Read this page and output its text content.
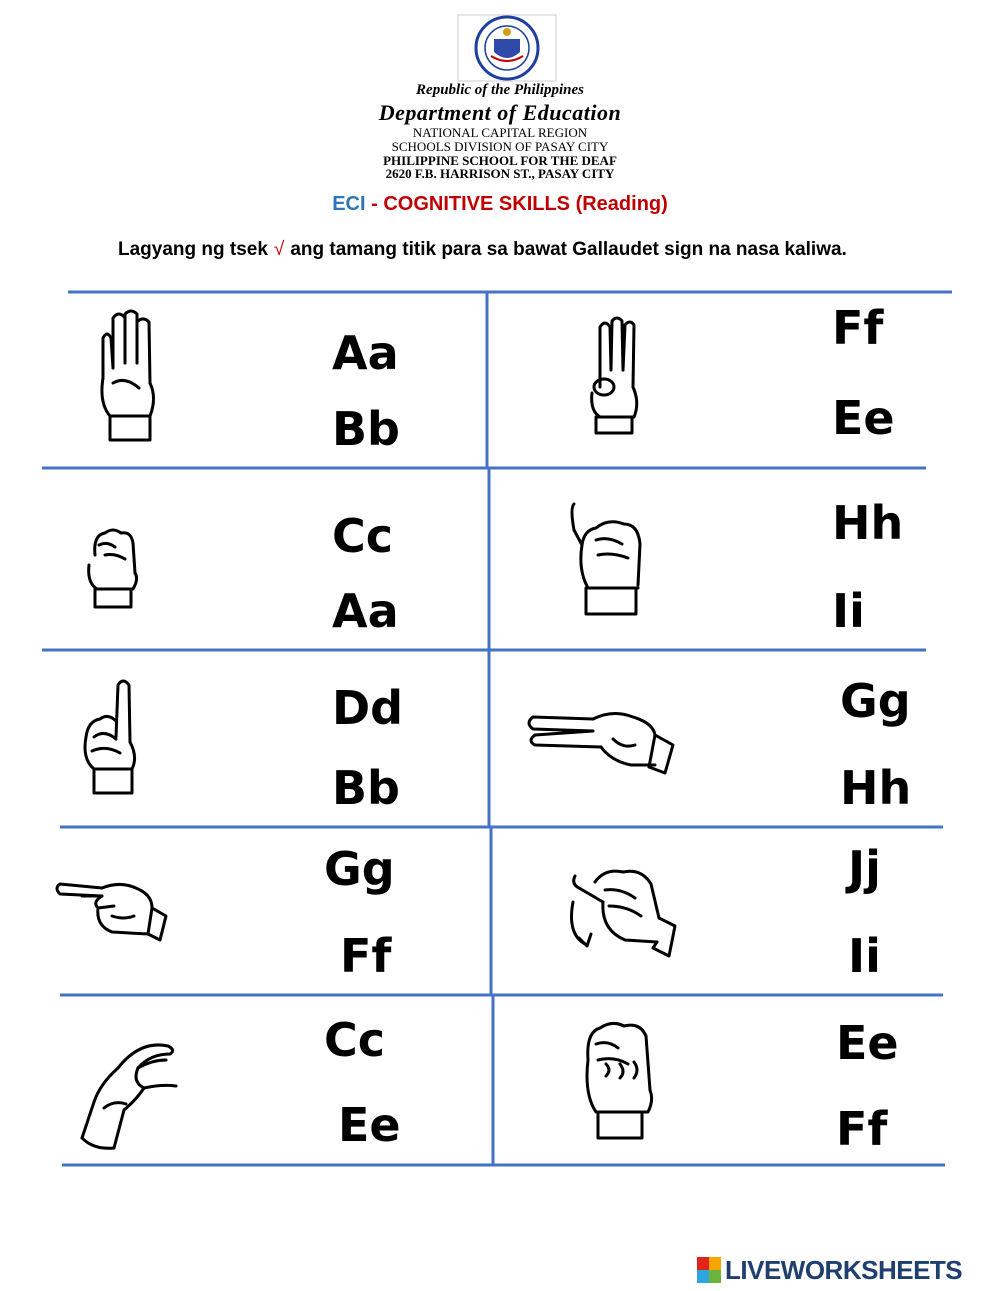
Republic of the Philippines
Department of Education
NATIONAL CAPITAL REGION
SCHOOLS DIVISION OF PASAY CITY
PHILIPPINE SCHOOL FOR THE DEAF
2620 F.B. HARRISON ST., PASAY CITY
ECI - COGNITIVE SKILLS (Reading)
Lagyang ng tsek √ ang tamang titik para sa bawat Gallaudet sign na nasa kaliwa.
Aa
Bb
Ff
Ee
Cc
Aa
Hh
Ii
Dd
Bb
Gg
Hh
Gg
Ff
Jj
Ii
Cc
Ee
Ee
Ff
LIVEWORKSHEETS
